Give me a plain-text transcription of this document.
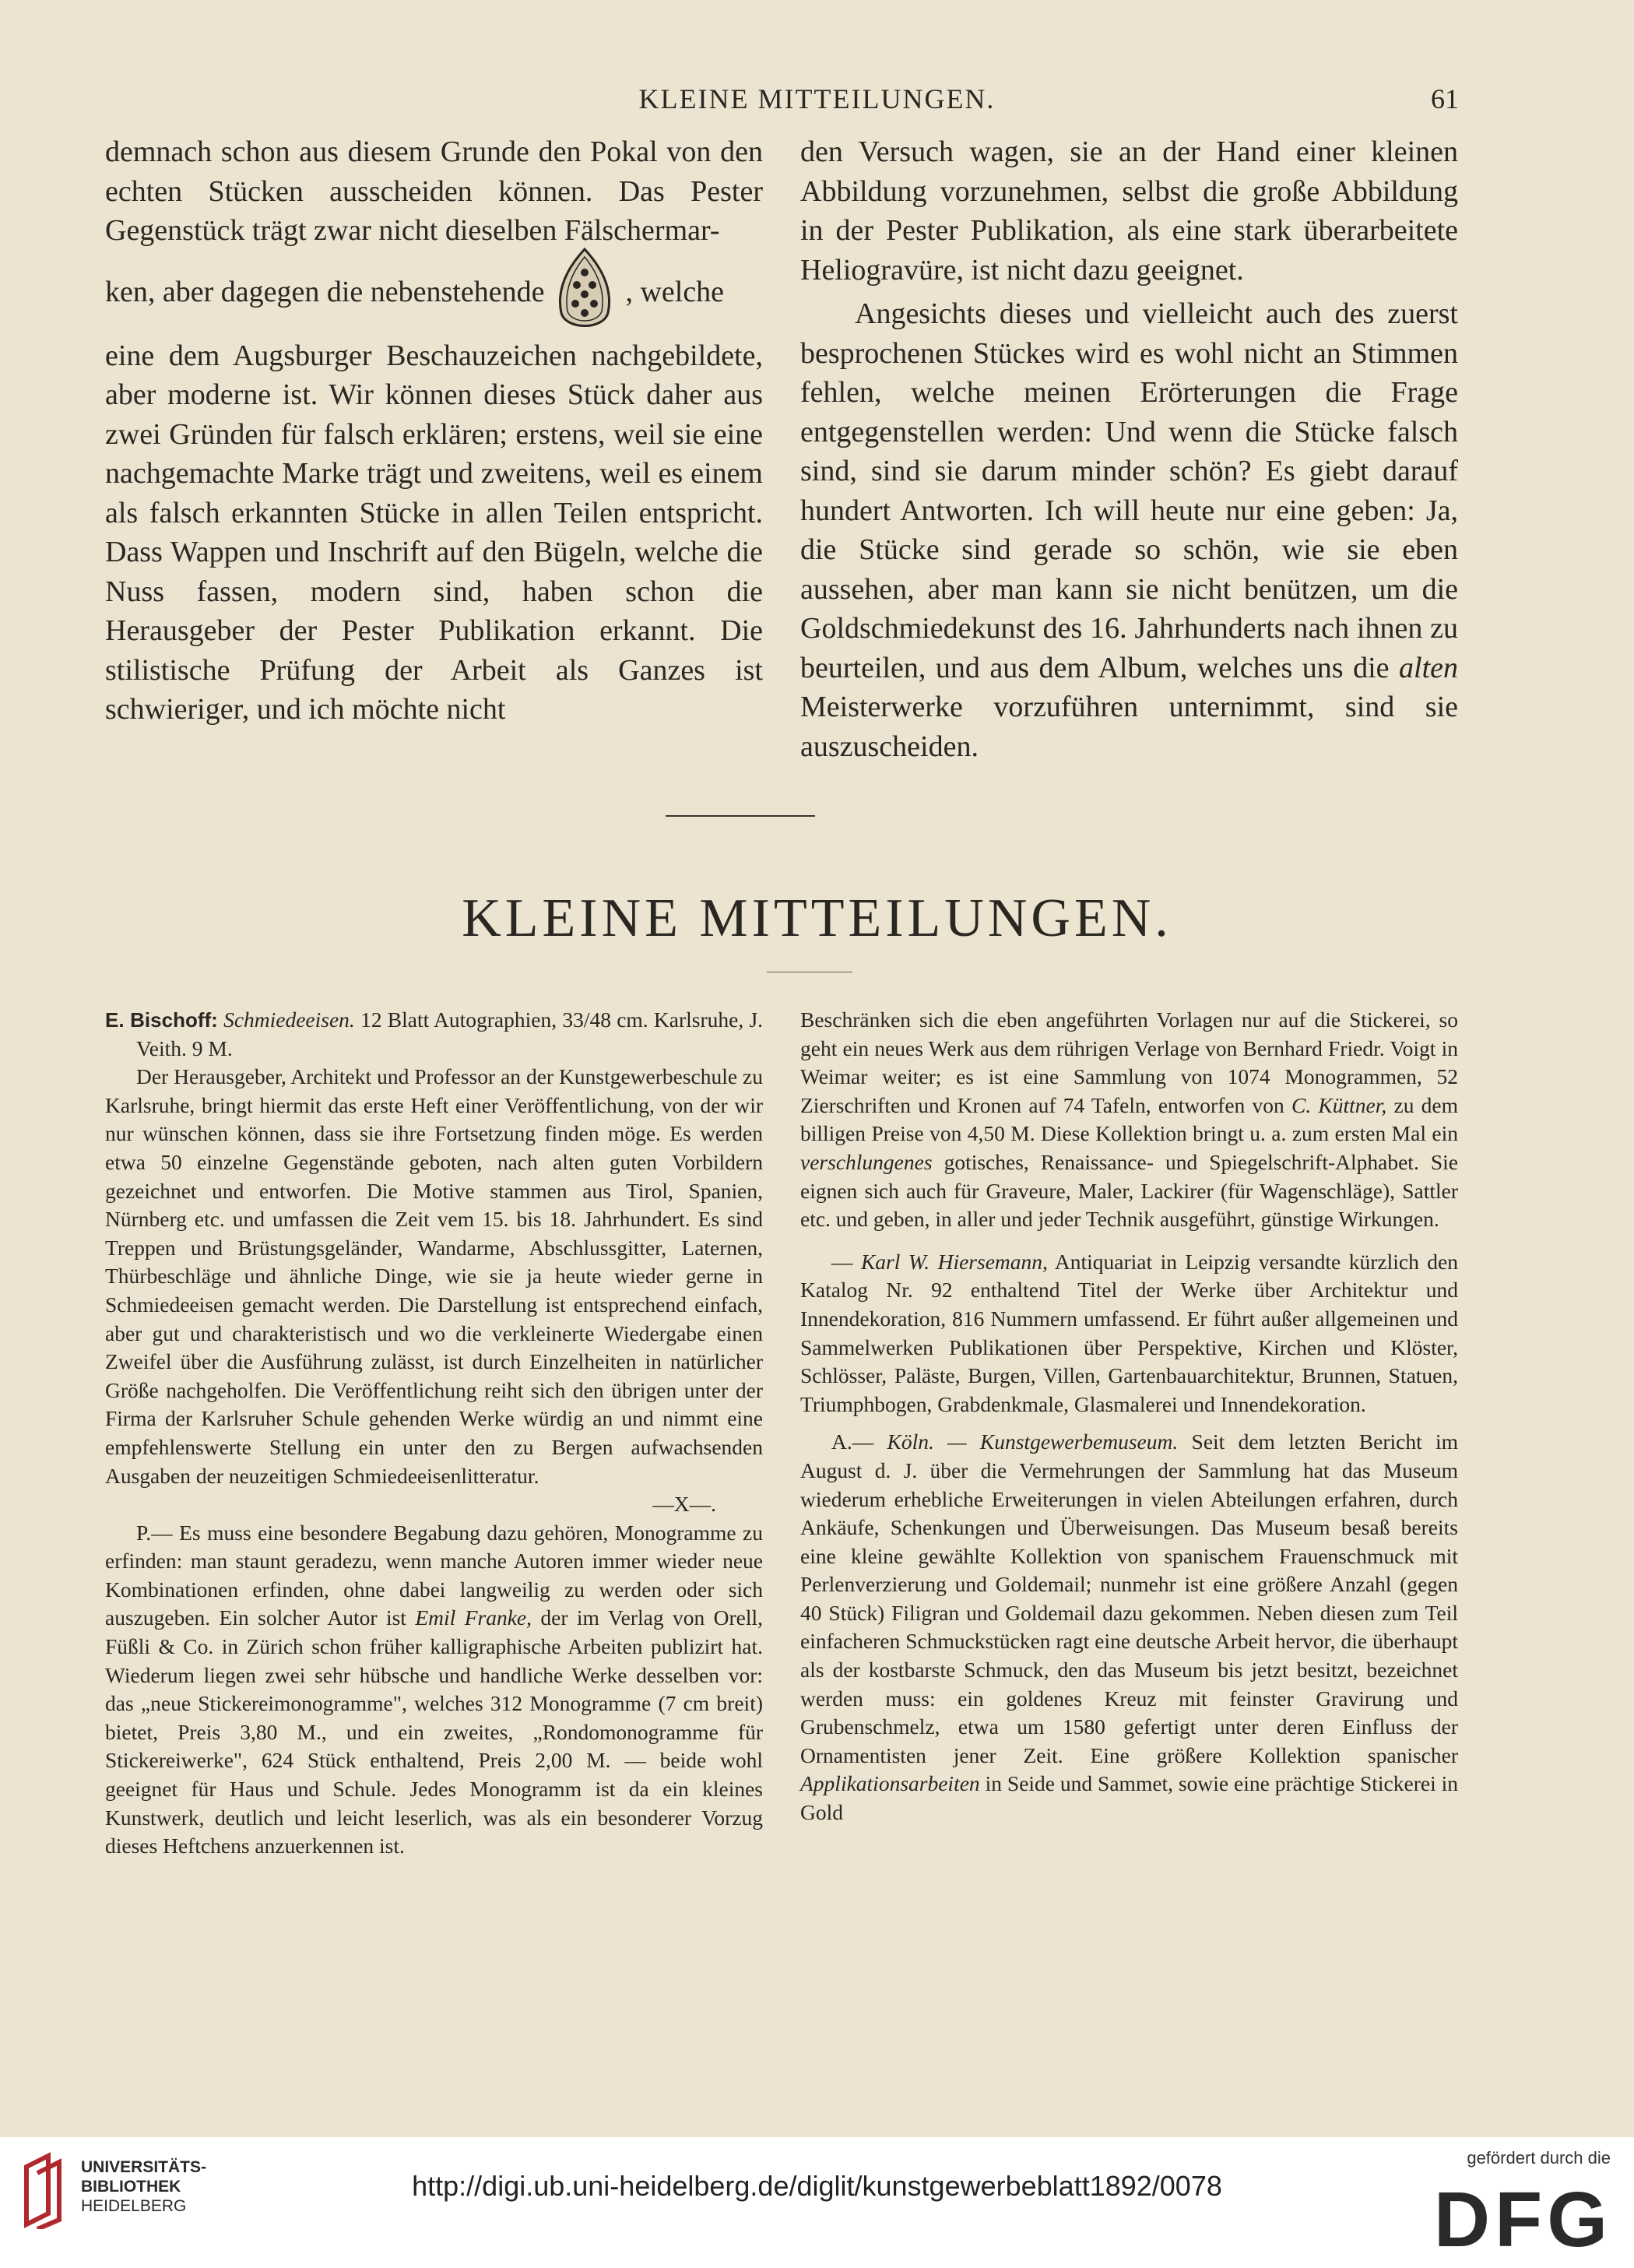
KLEINE MITTEILUNGEN.	61

demnach schon aus diesem Grunde den Pokal von den echten Stücken ausscheiden können. Das Pester Gegenstück trägt zwar nicht dieselben Fälschermar-

ken, aber dagegen die nebenstehende	, welche

eine dem Augsburger Beschauzeichen nachgebildete, aber moderne ist. Wir können dieses Stück daher aus zwei Gründen für falsch erklären; erstens, weil sie eine nachgemachte Marke trägt und zweitens, weil es einem als falsch erkannten Stücke in allen Teilen entspricht. Dass Wappen und Inschrift auf den Bügeln, welche die Nuss fassen, modern sind, haben schon die Herausgeber der Pester Publikation erkannt. Die stilistische Prüfung der Arbeit als Ganzes ist schwieriger, und ich möchte nicht

den Versuch wagen, sie an der Hand einer kleinen Abbildung vorzunehmen, selbst die große Abbildung in der Pester Publikation, als eine stark überarbeitete Heliogravüre, ist nicht dazu geeignet.

Angesichts dieses und vielleicht auch des zuerst besprochenen Stückes wird es wohl nicht an Stimmen fehlen, welche meinen Erörterungen die Frage entgegenstellen werden: Und wenn die Stücke falsch sind, sind sie darum minder schön? Es giebt darauf hundert Antworten. Ich will heute nur eine geben: Ja, die Stücke sind gerade so schön, wie sie eben aussehen, aber man kann sie nicht benützen, um die Goldschmiedekunst des 16. Jahrhunderts nach ihnen zu beurteilen, und aus dem Album, welches uns die alten Meisterwerke vorzuführen unternimmt, sind sie auszuscheiden.

KLEINE MITTEILUNGEN.

E. Bischoff: Schmiedeeisen. 12 Blatt Autographien, 33/48 cm. Karlsruhe, J. Veith. 9 M.

Der Herausgeber, Architekt und Professor an der Kunstgewerbeschule zu Karlsruhe, bringt hiermit das erste Heft einer Veröffentlichung, von der wir nur wünschen können, dass sie ihre Fortsetzung finden möge. Es werden etwa 50 einzelne Gegenstände geboten, nach alten guten Vorbildern gezeichnet und entworfen. Die Motive stammen aus Tirol, Spanien, Nürnberg etc. und umfassen die Zeit vem 15. bis 18. Jahrhundert. Es sind Treppen und Brüstungsgeländer, Wandarme, Abschlussgitter, Laternen, Thürbeschläge und ähnliche Dinge, wie sie ja heute wieder gerne in Schmiedeeisen gemacht werden. Die Darstellung ist entsprechend einfach, aber gut und charakteristisch und wo die verkleinerte Wiedergabe einen Zweifel über die Ausführung zulässt, ist durch Einzelheiten in natürlicher Größe nachgeholfen. Die Veröffentlichung reiht sich den übrigen unter der Firma der Karlsruher Schule gehenden Werke würdig an und nimmt eine empfehlenswerte Stellung ein unter den zu Bergen aufwachsenden Ausgaben der neuzeitigen Schmiedeeisenlitteratur.

—X—.

P.— Es muss eine besondere Begabung dazu gehören, Monogramme zu erfinden: man staunt geradezu, wenn manche Autoren immer wieder neue Kombinationen erfinden, ohne dabei langweilig zu werden oder sich auszugeben. Ein solcher Autor ist Emil Franke, der im Verlag von Orell, Füßli & Co. in Zürich schon früher kalligraphische Arbeiten publizirt hat. Wiederum liegen zwei sehr hübsche und handliche Werke desselben vor: das „neue Stickereimonogramme", welches 312 Monogramme (7 cm breit) bietet, Preis 3,80 M., und ein zweites, „Rondomonogramme für Stickereiwerke", 624 Stück enthaltend, Preis 2,00 M. — beide wohl geeignet für Haus und Schule. Jedes Monogramm ist da ein kleines Kunstwerk, deutlich und leicht leserlich, was als ein besonderer Vorzug dieses Heftchens anzuerkennen ist.

Beschränken sich die eben angeführten Vorlagen nur auf die Stickerei, so geht ein neues Werk aus dem rührigen Verlage von Bernhard Friedr. Voigt in Weimar weiter; es ist eine Sammlung von 1074 Monogrammen, 52 Zierschriften und Kronen auf 74 Tafeln, entworfen von C. Küttner, zu dem billigen Preise von 4,50 M. Diese Kollektion bringt u. a. zum ersten Mal ein verschlungenes gotisches, Renaissance- und Spiegelschrift-Alphabet. Sie eignen sich auch für Graveure, Maler, Lackirer (für Wagenschläge), Sattler etc. und geben, in aller und jeder Technik ausgeführt, günstige Wirkungen.

— Karl W. Hiersemann, Antiquariat in Leipzig versandte kürzlich den Katalog Nr. 92 enthaltend Titel der Werke über Architektur und Innendekoration, 816 Nummern umfassend. Er führt außer allgemeinen und Sammelwerken Publikationen über Perspektive, Kirchen und Klöster, Schlösser, Paläste, Burgen, Villen, Gartenbauarchitektur, Brunnen, Statuen, Triumphbogen, Grabdenkmale, Glasmalerei und Innendekoration.

A.— Köln. — Kunstgewerbemuseum. Seit dem letzten Bericht im August d. J. über die Vermehrungen der Sammlung hat das Museum wiederum erhebliche Erweiterungen in vielen Abteilungen erfahren, durch Ankäufe, Schenkungen und Überweisungen. Das Museum besaß bereits eine kleine gewählte Kollektion von spanischem Frauenschmuck mit Perlenverzierung und Goldemail; nunmehr ist eine größere Anzahl (gegen 40 Stück) Filigran und Goldemail dazu gekommen. Neben diesen zum Teil einfacheren Schmuckstücken ragt eine deutsche Arbeit hervor, die überhaupt als der kostbarste Schmuck, den das Museum bis jetzt besitzt, bezeichnet werden muss: ein goldenes Kreuz mit feinster Gravirung und Grubenschmelz, etwa um 1580 gefertigt unter deren Einfluss der Ornamentisten jener Zeit. Eine größere Kollektion spanischer Applikationsarbeiten in Seide und Sammet, sowie eine prächtige Stickerei in Gold

UNIVERSITÄTS-
BIBLIOTHEK
HEIDELBERG
http://digi.ub.uni-heidelberg.de/diglit/kunstgewerbeblatt1892/0078
gefördert durch die
DFG
